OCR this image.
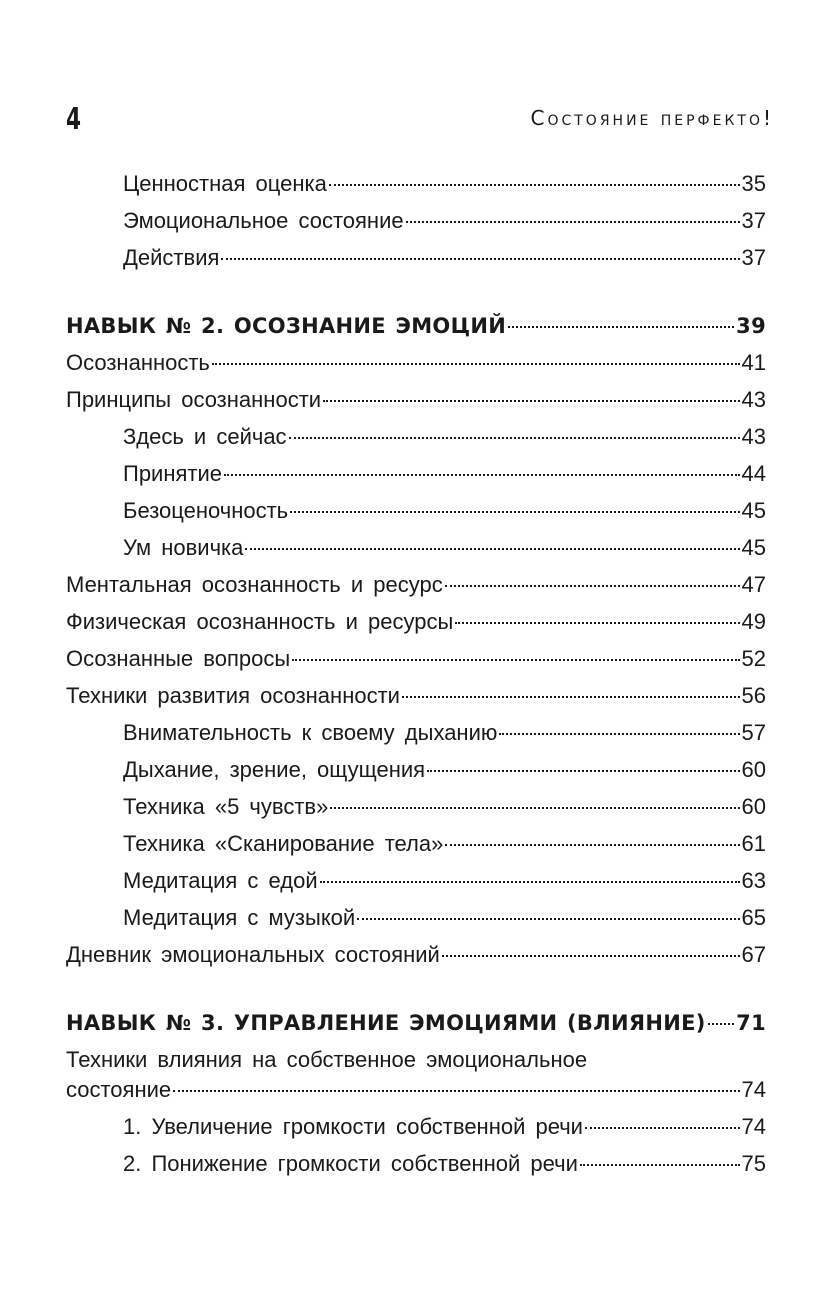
4	Состояние перфекто!
Ценностная оценка	35
Эмоциональное состояние	37
Действия	37
НАВЫК № 2. ОСОЗНАНИЕ ЭМОЦИЙ	39
Осознанность	41
Принципы осознанности	43
Здесь и сейчас	43
Принятие	44
Безоценочность	45
Ум новичка	45
Ментальная осознанность и ресурс	47
Физическая осознанность и ресурсы	49
Осознанные вопросы	52
Техники развития осознанности	56
Внимательность к своему дыханию	57
Дыхание, зрение, ощущения	60
Техника «5 чувств»	60
Техника «Сканирование тела»	61
Медитация с едой	63
Медитация с музыкой	65
Дневник эмоциональных состояний	67
НАВЫК № 3. УПРАВЛЕНИЕ ЭМОЦИЯМИ (ВЛИЯНИЕ) 71
Техники влияния на собственное эмоциональное
состояние	74
1. Увеличение громкости собственной речи	74
2. Понижение громкости собственной речи	75
